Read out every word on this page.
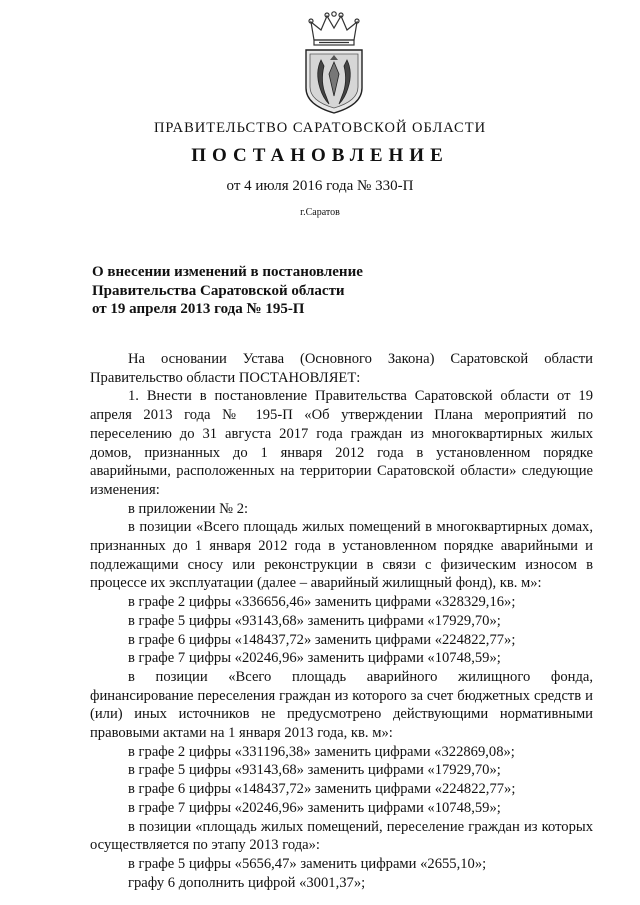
ПРАВИТЕЛЬСТВО САРАТОВСКОЙ ОБЛАСТИ
ПОСТАНОВЛЕНИЕ
от 4 июля 2016 года № 330-П
г.Саратов
О внесении изменений в постановление
Правительства Саратовской области
от 19 апреля 2013 года № 195-П

На основании Устава (Основного Закона) Саратовской области Правительство области ПОСТАНОВЛЯЕТ:

1. Внести в постановление Правительства Саратовской области от 19 апреля 2013 года № 195-П «Об утверждении Плана мероприятий по переселению до 31 августа 2017 года граждан из многоквартирных жилых домов, признанных до 1 января 2012 года в установленном порядке аварийными, расположенных на территории Саратовской области» следующие изменения:

в приложении № 2:

в позиции «Всего площадь жилых помещений в многоквартирных домах, признанных до 1 января 2012 года в установленном порядке аварийными и подлежащими сносу или реконструкции в связи с физическим износом в процессе их эксплуатации (далее – аварийный жилищный фонд), кв. м»:

в графе 2 цифры «336656,46» заменить цифрами «328329,16»;

в графе 5 цифры «93143,68» заменить цифрами «17929,70»;

в графе 6 цифры «148437,72» заменить цифрами «224822,77»;

в графе 7 цифры «20246,96» заменить цифрами «10748,59»;

в позиции «Всего площадь аварийного жилищного фонда, финансирование переселения граждан из которого за счет бюджетных средств и (или) иных источников не предусмотрено действующими нормативными правовыми актами на 1 января 2013 года, кв. м»:

в графе 2 цифры «331196,38» заменить цифрами «322869,08»;

в графе 5 цифры «93143,68» заменить цифрами «17929,70»;

в графе 6 цифры «148437,72» заменить цифрами «224822,77»;

в графе 7 цифры «20246,96» заменить цифрами «10748,59»;

в позиции «площадь жилых помещений, переселение граждан из которых осуществляется по этапу 2013 года»:

в графе 5 цифры «5656,47» заменить цифрами «2655,10»;

графу 6 дополнить цифрой «3001,37»;
